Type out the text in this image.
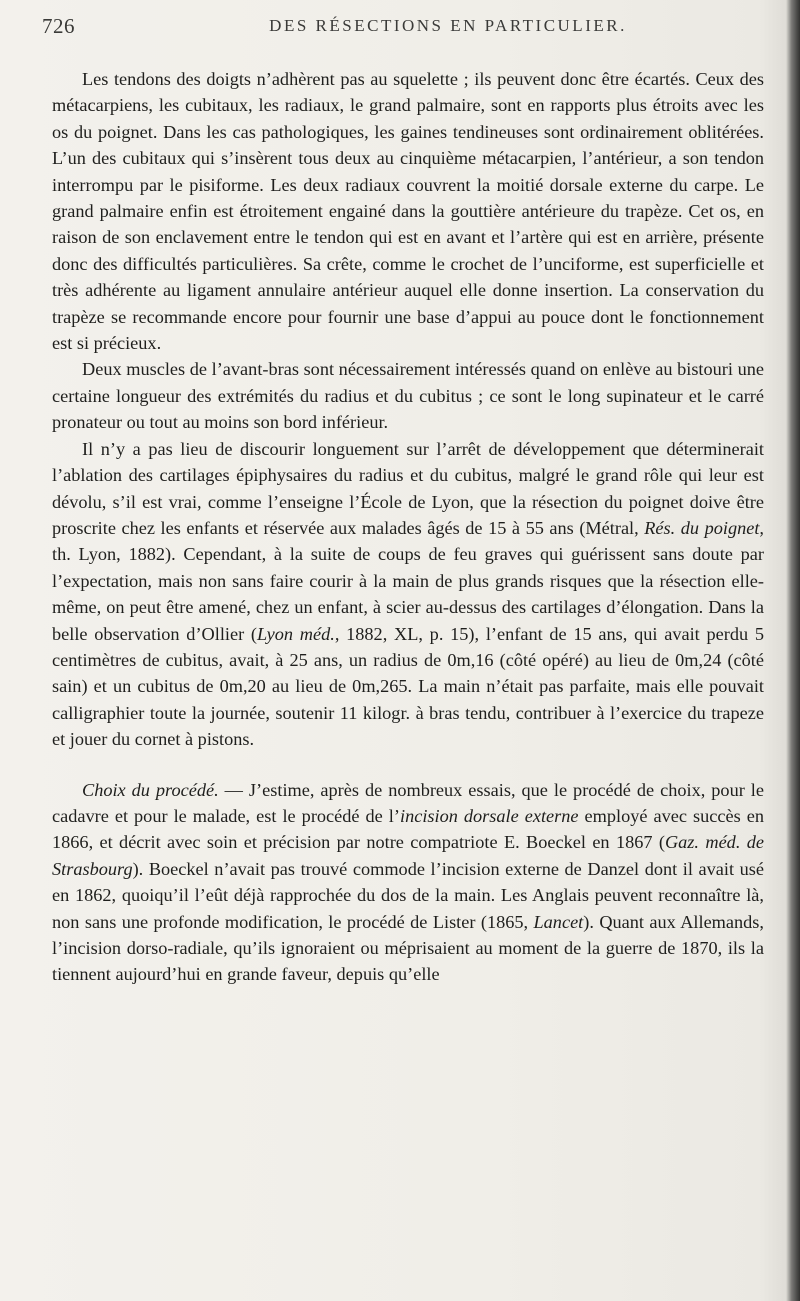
726	DES RÉSECTIONS EN PARTICULIER.

Les tendons des doigts n’adhèrent pas au squelette ; ils peuvent donc être écartés. Ceux des métacarpiens, les cubitaux, les radiaux, le grand palmaire, sont en rapports plus étroits avec les os du poignet. Dans les cas pathologiques, les gaines tendineuses sont ordinairement oblitérées. L’un des cubitaux qui s’insèrent tous deux au cinquième métacarpien, l’antérieur, a son tendon interrompu par le pisiforme. Les deux radiaux couvrent la moitié dorsale externe du carpe. Le grand palmaire enfin est étroitement engainé dans la gouttière antérieure du trapèze. Cet os, en raison de son enclavement entre le tendon qui est en avant et l’artère qui est en arrière, présente donc des difficultés particulières. Sa crête, comme le crochet de l’unciforme, est superficielle et très adhérente au ligament annulaire antérieur auquel elle donne insertion. La conservation du trapèze se recommande encore pour fournir une base d’appui au pouce dont le fonctionnement est si précieux.

Deux muscles de l’avant-bras sont nécessairement intéressés quand on enlève au bistouri une certaine longueur des extrémités du radius et du cubitus ; ce sont le long supinateur et le carré pronateur ou tout au moins son bord inférieur.

Il n’y a pas lieu de discourir longuement sur l’arrêt de développement que déterminerait l’ablation des cartilages épiphysaires du radius et du cubitus, malgré le grand rôle qui leur est dévolu, s’il est vrai, comme l’enseigne l’École de Lyon, que la résection du poignet doive être proscrite chez les enfants et réservée aux malades âgés de 15 à 55 ans (Métral, Rés. du poignet, th. Lyon, 1882). Cependant, à la suite de coups de feu graves qui guérissent sans doute par l’expectation, mais non sans faire courir à la main de plus grands risques que la résection elle-même, on peut être amené, chez un enfant, à scier au-dessus des cartilages d’élongation. Dans la belle observation d’Ollier (Lyon méd., 1882, XL, p. 15), l’enfant de 15 ans, qui avait perdu 5 centimètres de cubitus, avait, à 25 ans, un radius de 0m,16 (côté opéré) au lieu de 0m,24 (côté sain) et un cubitus de 0m,20 au lieu de 0m,265. La main n’était pas parfaite, mais elle pouvait calligraphier toute la journée, soutenir 11 kilogr. à bras tendu, contribuer à l’exercice du trapeze et jouer du cornet à pistons.

Choix du procédé. — J’estime, après de nombreux essais, que le procédé de choix, pour le cadavre et pour le malade, est le procédé de l’incision dorsale externe employé avec succès en 1866, et décrit avec soin et précision par notre compatriote E. Boeckel en 1867 (Gaz. méd. de Strasbourg). Boeckel n’avait pas trouvé commode l’incision externe de Danzel dont il avait usé en 1862, quoiqu’il l’eût déjà rapprochée du dos de la main. Les Anglais peuvent reconnaître là, non sans une profonde modification, le procédé de Lister (1865, Lancet). Quant aux Allemands, l’incision dorso-radiale, qu’ils ignoraient ou méprisaient au moment de la guerre de 1870, ils la tiennent aujourd’hui en grande faveur, depuis qu’elle
